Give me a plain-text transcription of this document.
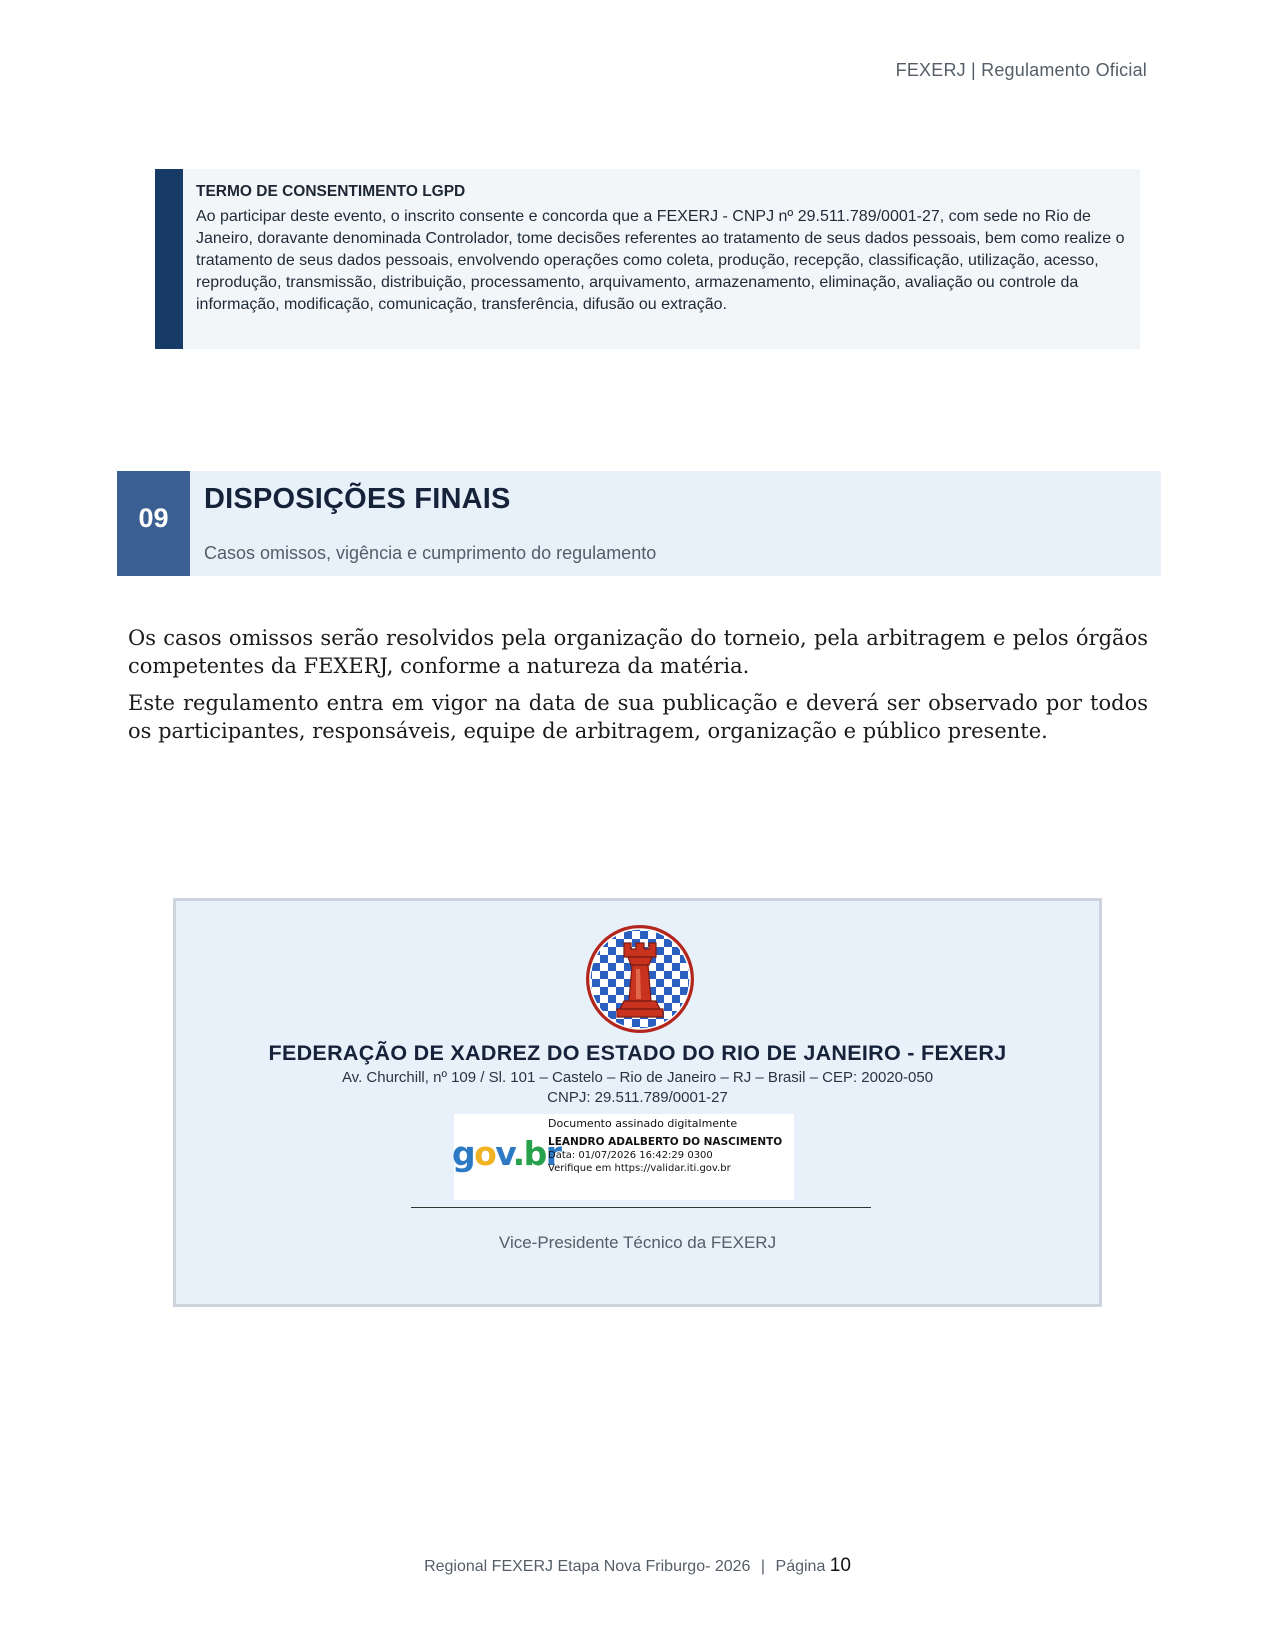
FEXERJ | Regulamento Oficial
TERMO DE CONSENTIMENTO LGPD

Ao participar deste evento, o inscrito consente e concorda que a FEXERJ - CNPJ nº 29.511.789/0001-27, com sede no Rio de Janeiro, doravante denominada Controlador, tome decisões referentes ao tratamento de seus dados pessoais, bem como realize o tratamento de seus dados pessoais, envolvendo operações como coleta, produção, recepção, classificação, utilização, acesso, reprodução, transmissão, distribuição, processamento, arquivamento, armazenamento, eliminação, avaliação ou controle da informação, modificação, comunicação, transferência, difusão ou extração.

09
DISPOSIÇÕES FINAIS
Casos omissos, vigência e cumprimento do regulamento

Os casos omissos serão resolvidos pela organização do torneio, pela arbitragem e pelos órgãos competentes da FEXERJ, conforme a natureza da matéria.

Este regulamento entra em vigor na data de sua publicação e deverá ser observado por todos os participantes, responsáveis, equipe de arbitragem, organização e público presente.

FEDERAÇÃO DE XADREZ DO ESTADO DO RIO DE JANEIRO - FEXERJ
Av. Churchill, nº 109 / Sl. 101 – Castelo – Rio de Janeiro – RJ – Brasil – CEP: 20020-050
CNPJ: 29.511.789/0001-27
gov.br
Documento assinado digitalmente
LEANDRO ADALBERTO DO NASCIMENTO
Data: 01/07/2026 16:42:29 0300
Verifique em https://validar.iti.gov.br
Vice-Presidente Técnico da FEXERJ
Regional FEXERJ Etapa Nova Friburgo- 2026 | Página 10
